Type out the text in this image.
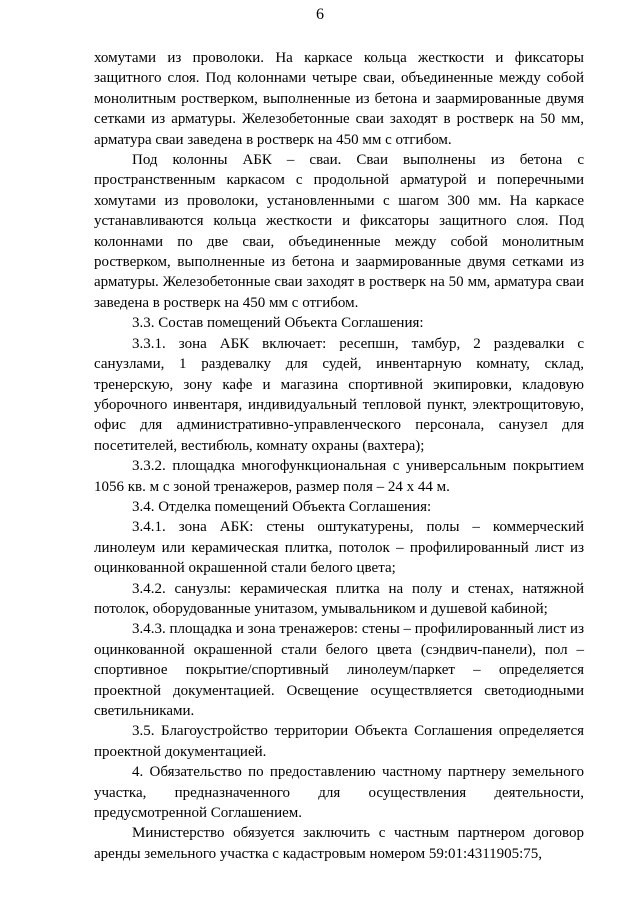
6

хомутами из проволоки. На каркасе кольца жесткости и фиксаторы защитного слоя. Под колоннами четыре сваи, объединенные между собой монолитным ростверком, выполненные из бетона и заармированные двумя сетками из арматуры. Железобетонные сваи заходят в ростверк на 50 мм, арматура сваи заведена в ростверк на 450 мм с отгибом.

Под колонны АБК – сваи. Сваи выполнены из бетона с пространственным каркасом с продольной арматурой и поперечными хомутами из проволоки, установленными с шагом 300 мм. На каркасе устанавливаются кольца жесткости и фиксаторы защитного слоя. Под колоннами по две сваи, объединенные между собой монолитным ростверком, выполненные из бетона и заармированные двумя сетками из арматуры. Железобетонные сваи заходят в ростверк на 50 мм, арматура сваи заведена в ростверк на 450 мм с отгибом.

3.3. Состав помещений Объекта Соглашения:

3.3.1. зона АБК включает: ресепшн, тамбур, 2 раздевалки с санузлами, 1 раздевалку для судей, инвентарную комнату, склад, тренерскую, зону кафе и магазина спортивной экипировки, кладовую уборочного инвентаря, индивидуальный тепловой пункт, электрощитовую, офис для административно-управленческого персонала, санузел для посетителей, вестибюль, комнату охраны (вахтера);

3.3.2. площадка многофункциональная с универсальным покрытием 1056 кв. м с зоной тренажеров, размер поля – 24 х 44 м.

3.4. Отделка помещений Объекта Соглашения:

3.4.1. зона АБК: стены оштукатурены, полы – коммерческий линолеум или керамическая плитка, потолок – профилированный лист из оцинкованной окрашенной стали белого цвета;

3.4.2. санузлы: керамическая плитка на полу и стенах, натяжной потолок, оборудованные унитазом, умывальником и душевой кабиной;

3.4.3. площадка и зона тренажеров: стены – профилированный лист из оцинкованной окрашенной стали белого цвета (сэндвич-панели), пол – спортивное покрытие/спортивный линолеум/паркет – определяется проектной документацией. Освещение осуществляется светодиодными светильниками.

3.5. Благоустройство территории Объекта Соглашения определяется проектной документацией.

4. Обязательство по предоставлению частному партнеру земельного участка, предназначенного для осуществления деятельности, предусмотренной Соглашением.

Министерство обязуется заключить с частным партнером договор аренды земельного участка с кадастровым номером 59:01:4311905:75,
